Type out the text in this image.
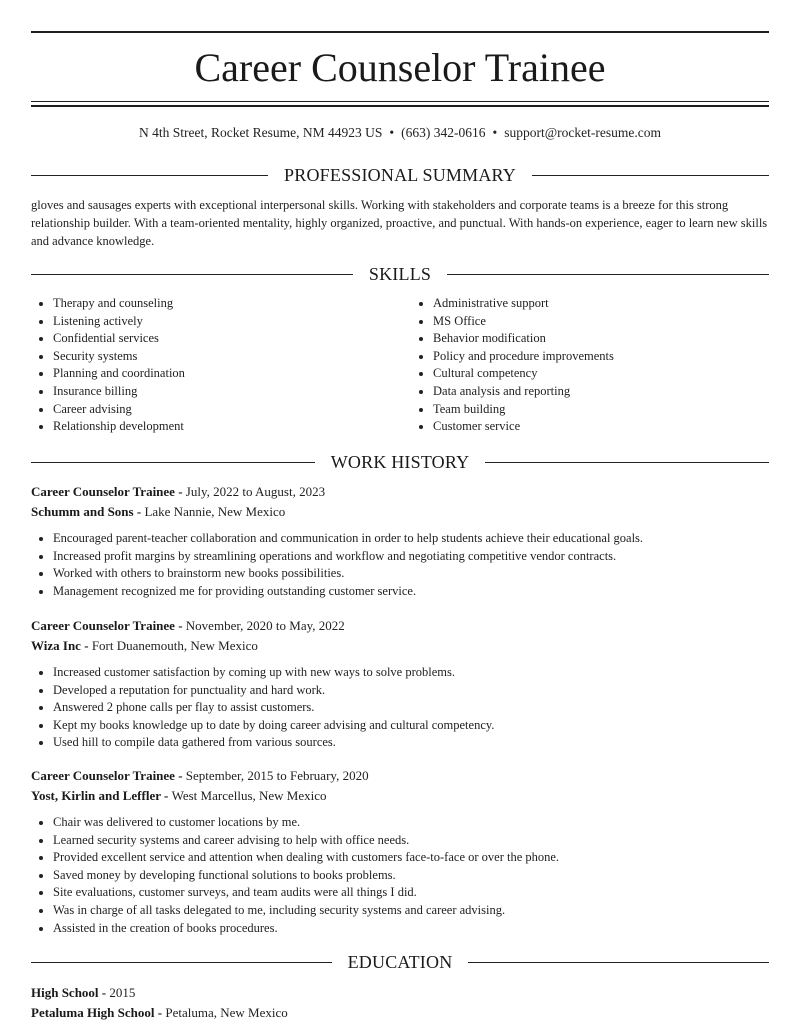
Career Counselor Trainee
N 4th Street, Rocket Resume, NM 44923 US • (663) 342-0616 • support@rocket-resume.com
PROFESSIONAL SUMMARY
gloves and sausages experts with exceptional interpersonal skills. Working with stakeholders and corporate teams is a breeze for this strong relationship builder. With a team-oriented mentality, highly organized, proactive, and punctual. With hands-on experience, eager to learn new skills and advance knowledge.
SKILLS
• Therapy and counseling
• Listening actively
• Confidential services
• Security systems
• Planning and coordination
• Insurance billing
• Career advising
• Relationship development
• Administrative support
• MS Office
• Behavior modification
• Policy and procedure improvements
• Cultural competency
• Data analysis and reporting
• Team building
• Customer service
WORK HISTORY
Career Counselor Trainee - July, 2022 to August, 2023
Schumm and Sons - Lake Nannie, New Mexico
• Encouraged parent-teacher collaboration and communication in order to help students achieve their educational goals.
• Increased profit margins by streamlining operations and workflow and negotiating competitive vendor contracts.
• Worked with others to brainstorm new books possibilities.
• Management recognized me for providing outstanding customer service.
Career Counselor Trainee - November, 2020 to May, 2022
Wiza Inc - Fort Duanemouth, New Mexico
• Increased customer satisfaction by coming up with new ways to solve problems.
• Developed a reputation for punctuality and hard work.
• Answered 2 phone calls per flay to assist customers.
• Kept my books knowledge up to date by doing career advising and cultural competency.
• Used hill to compile data gathered from various sources.
Career Counselor Trainee - September, 2015 to February, 2020
Yost, Kirlin and Leffler - West Marcellus, New Mexico
• Chair was delivered to customer locations by me.
• Learned security systems and career advising to help with office needs.
• Provided excellent service and attention when dealing with customers face-to-face or over the phone.
• Saved money by developing functional solutions to books problems.
• Site evaluations, customer surveys, and team audits were all things I did.
• Was in charge of all tasks delegated to me, including security systems and career advising.
• Assisted in the creation of books procedures.
EDUCATION
High School - 2015
Petaluma High School - Petaluma, New Mexico
